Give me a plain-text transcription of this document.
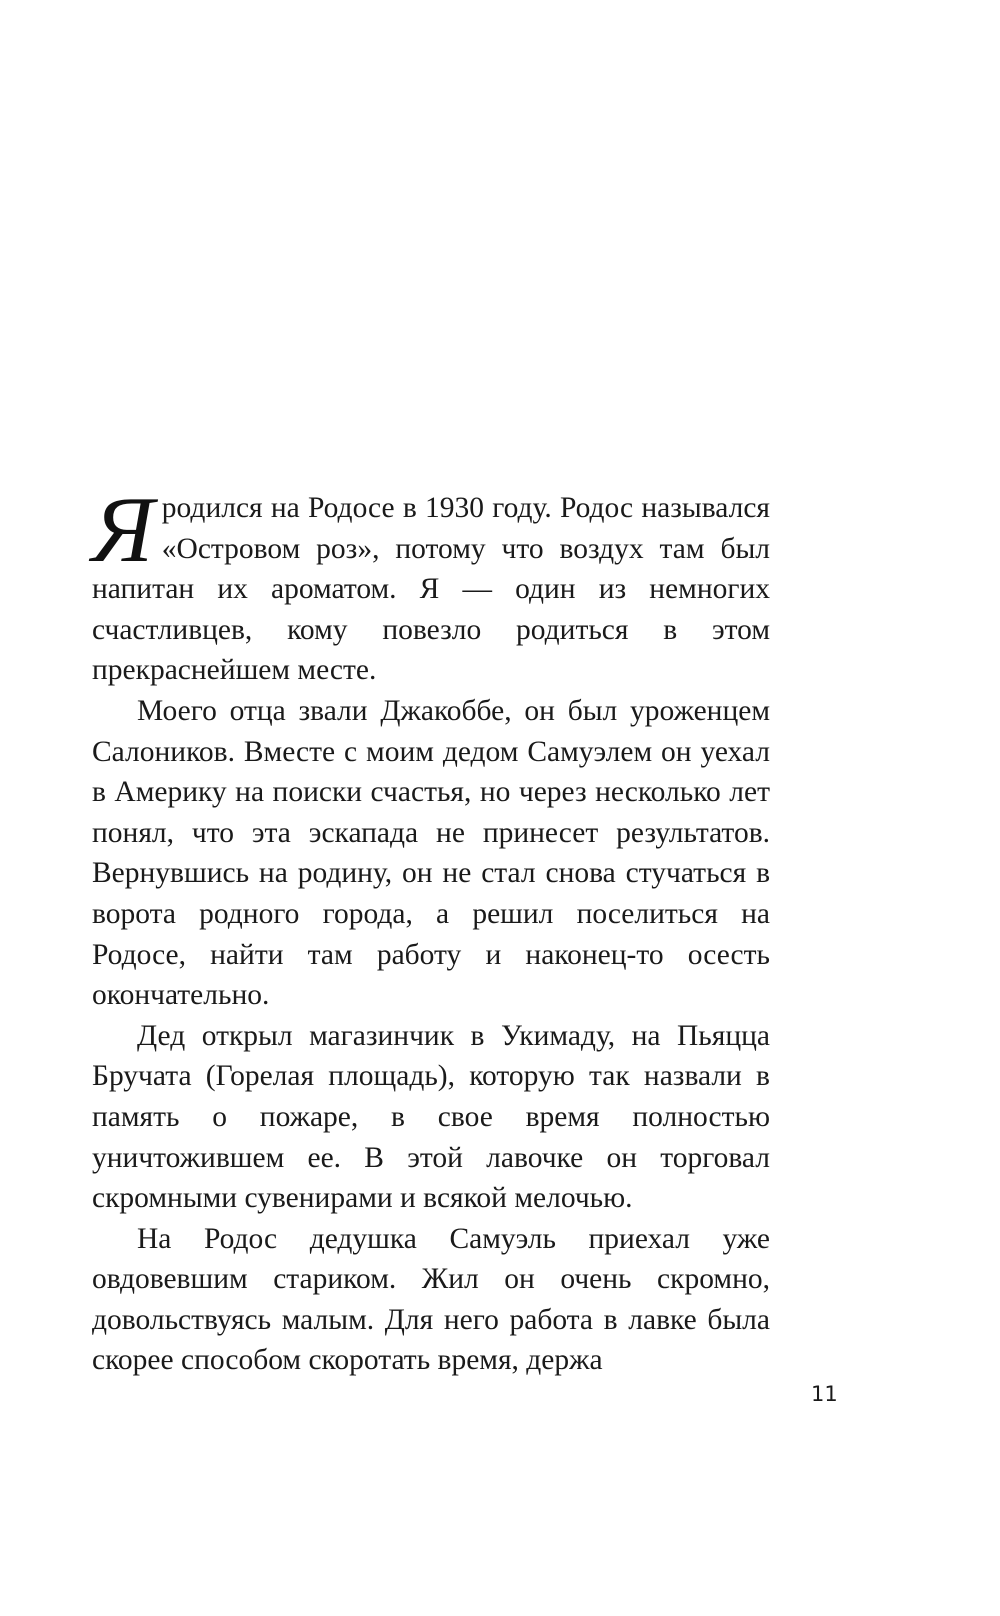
Я родился на Родосе в 1930 году. Родос назывался «Островом роз», потому что воздух там был напитан их ароматом. Я — один из немногих счастливцев, кому повезло родиться в этом прекраснейшем месте.

Моего отца звали Джакоббе, он был уроженцем Салоников. Вместе с моим дедом Самуэлем он уехал в Америку на поиски счастья, но через несколько лет понял, что эта эскапада не принесет результатов. Вернувшись на родину, он не стал снова стучаться в ворота родного города, а решил поселиться на Родосе, найти там работу и наконец-то осесть окончательно.

Дед открыл магазинчик в Укимаду, на Пьяцца Бручата (Горелая площадь), которую так назвали в память о пожаре, в свое время полностью уничтожившем ее. В этой лавочке он торговал скромными сувенирами и всякой мелочью.

На Родос дедушка Самуэль приехал уже овдовевшим стариком. Жил он очень скромно, довольствуясь малым. Для него работа в лавке была скорее способом скоротать время, держа

11
